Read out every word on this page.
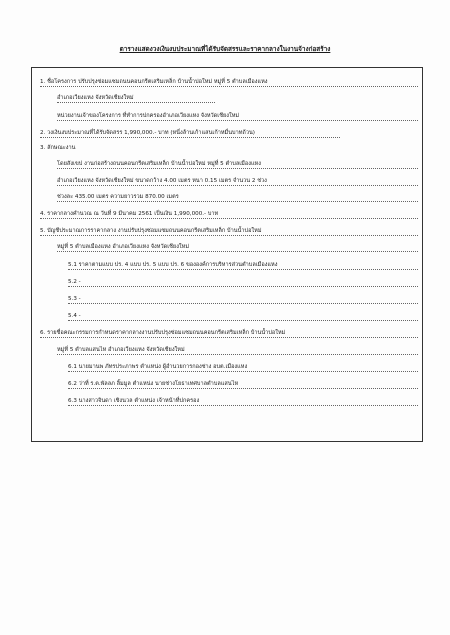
ตารางแสดงวงเงินงบประมาณที่ได้รับจัดสรรและราคากลางในงานจ้างก่อสร้าง
1. ชื่อโครงการ ปรับปรุงซ่อมแซมถนนคอนกรีตเสริมเหล็ก บ้านน้ำบ่อใหม่ หมู่ที่ 5 ตำบลเมืองแหง
อำเภอเวียงแหง จังหวัดเชียงใหม่
หน่วยงานเจ้าของโครงการ ที่ทำการปกครองอำเภอเวียงแหง จังหวัดเชียงใหม่
2. วงเงินงบประมาณที่ได้รับจัดสรร 1,990,000.- บาท (หนึ่งล้านเก้าแสนเก้าหมื่นบาทถ้วน)
3. ลักษณะงาน
โดยสังเขป งานก่อสร้างถนนคอนกรีตเสริมเหล็ก บ้านน้ำบ่อใหม่ หมู่ที่ 5 ตำบลเมืองแหง
อำเภอเวียงแหง จังหวัดเชียงใหม่ ขนาดกว้าง 4.00 เมตร หนา 0.15 เมตร จำนวน 2 ช่วง
ช่วงละ 435.00 เมตร ความยาวรวม 870.00 เมตร
4. ราคากลางคำนวณ ณ วันที่ 9 มีนาคม 2561 เป็นเงิน 1,990,000.- บาท
5. บัญชีประมาณการราคากลาง งานปรับปรุงซ่อมแซมถนนคอนกรีตเสริมเหล็ก บ้านน้ำบ่อใหม่
หมู่ที่ 5 ตำบลเมืองแหง อำเภอเวียงแหง จังหวัดเชียงใหม่
5.1 ราคาตามแบบ ปร. 4 แบบ ปร. 5 แบบ ปร. 6 ขององค์การบริหารส่วนตำบลเมืองแหง
5.2 -
5.3 -
5.4 -
6. รายชื่อคณะกรรมการกำหนดราคากลางงานปรับปรุงซ่อมแซมถนนคอนกรีตเสริมเหล็ก บ้านน้ำบ่อใหม่
หมู่ที่ 5 ตำบลแสนไห อำเภอเวียงแหง จังหวัดเชียงใหม่
6.1 นายมานพ ภัทรประภาพร ตำแหน่ง ผู้อำนวยการกองช่าง อบต.เมืองแหง
6.2 ว่าที่ ร.ต.พัลลภ ลิ้มมูล ตำแหน่ง นายช่างโยธาเทศบาลตำบลแสนไห
6.3 นางสาวจินดา เชิงนวล ตำแหน่ง เจ้าหน้าที่ปกครอง
